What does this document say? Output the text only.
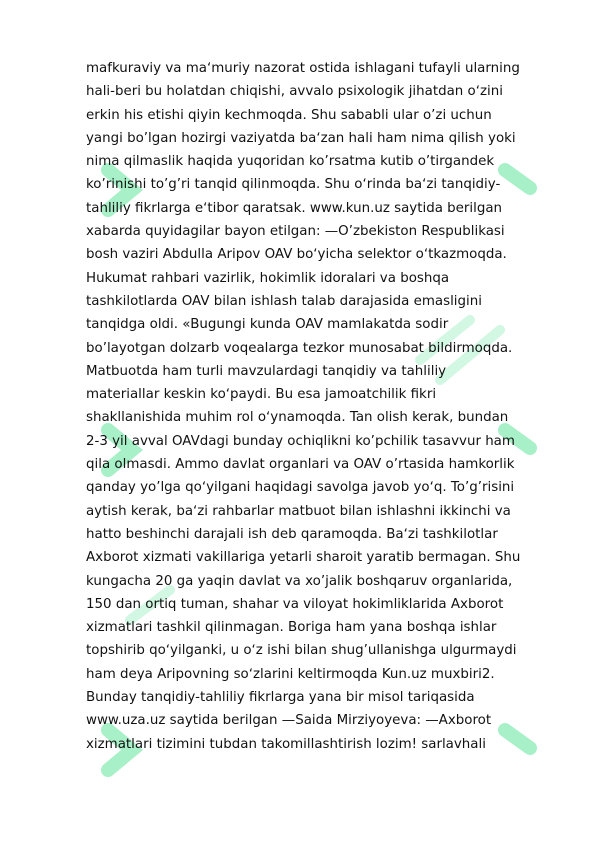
mafkuraviy va maʻmuriy nazorat ostida ishlagani tufayli ularning
hali-beri bu holatdan chiqishi, avvalo psixologik jihatdan oʻzini
erkin his etishi qiyin kechmoqda. Shu sababli ular o’zi uchun
yangi bo’lgan hozirgi vaziyatda baʻzan hali ham nima qilish yoki
nima qilmaslik haqida yuqoridan ko’rsatma kutib o’tirgandek
ko’rinishi to’g’ri tanqid qilinmoqda. Shu oʻrinda baʻzi tanqidiy-
tahliliy fikrlarga eʻtibor qaratsak. www.kun.uz saytida berilgan
xabarda quyidagilar bayon etilgan: —O’zbekiston Respublikasi
bosh vaziri Abdulla Aripov OAV boʻyicha selektor oʻtkazmoqda.
Hukumat rahbari vazirlik, hokimlik idoralari va boshqa
tashkilotlarda OAV bilan ishlash talab darajasida emasligini
tanqidga oldi. «Bugungi kunda OAV mamlakatda sodir
bo’layotgan dolzarb voqealarga tezkor munosabat bildirmoqda.
Matbuotda ham turli mavzulardagi tanqidiy va tahliliy
materiallar keskin koʻpaydi. Bu esa jamoatchilik fikri
shakllanishida muhim rol oʻynamoqda. Tan olish kerak, bundan
2-3 yil avval OAVdagi bunday ochiqlikni ko’pchilik tasavvur ham
qila olmasdi. Ammo davlat organlari va OAV o’rtasida hamkorlik
qanday yo’lga qoʻyilgani haqidagi savolga javob yoʻq. To’g’risini
aytish kerak, baʻzi rahbarlar matbuot bilan ishlashni ikkinchi va
hatto beshinchi darajali ish deb qaramoqda. Baʻzi tashkilotlar
Axborot xizmati vakillariga yetarli sharoit yaratib bermagan. Shu
kungacha 20 ga yaqin davlat va xo’jalik boshqaruv organlarida,
150 dan ortiq tuman, shahar va viloyat hokimliklarida Axborot
xizmatlari tashkil qilinmagan. Boriga ham yana boshqa ishlar
topshirib qoʻyilganki, u oʻz ishi bilan shug’ullanishga ulgurmaydi
ham deya Aripovning soʻzlarini keltirmoqda Kun.uz muxbiri2.
Bunday tanqidiy-tahliliy fikrlarga yana bir misol tariqasida
www.uza.uz saytida berilgan —Saida Mirziyoyeva: —Axborot
xizmatlari tizimini tubdan takomillashtirish lozim! sarlavhali
